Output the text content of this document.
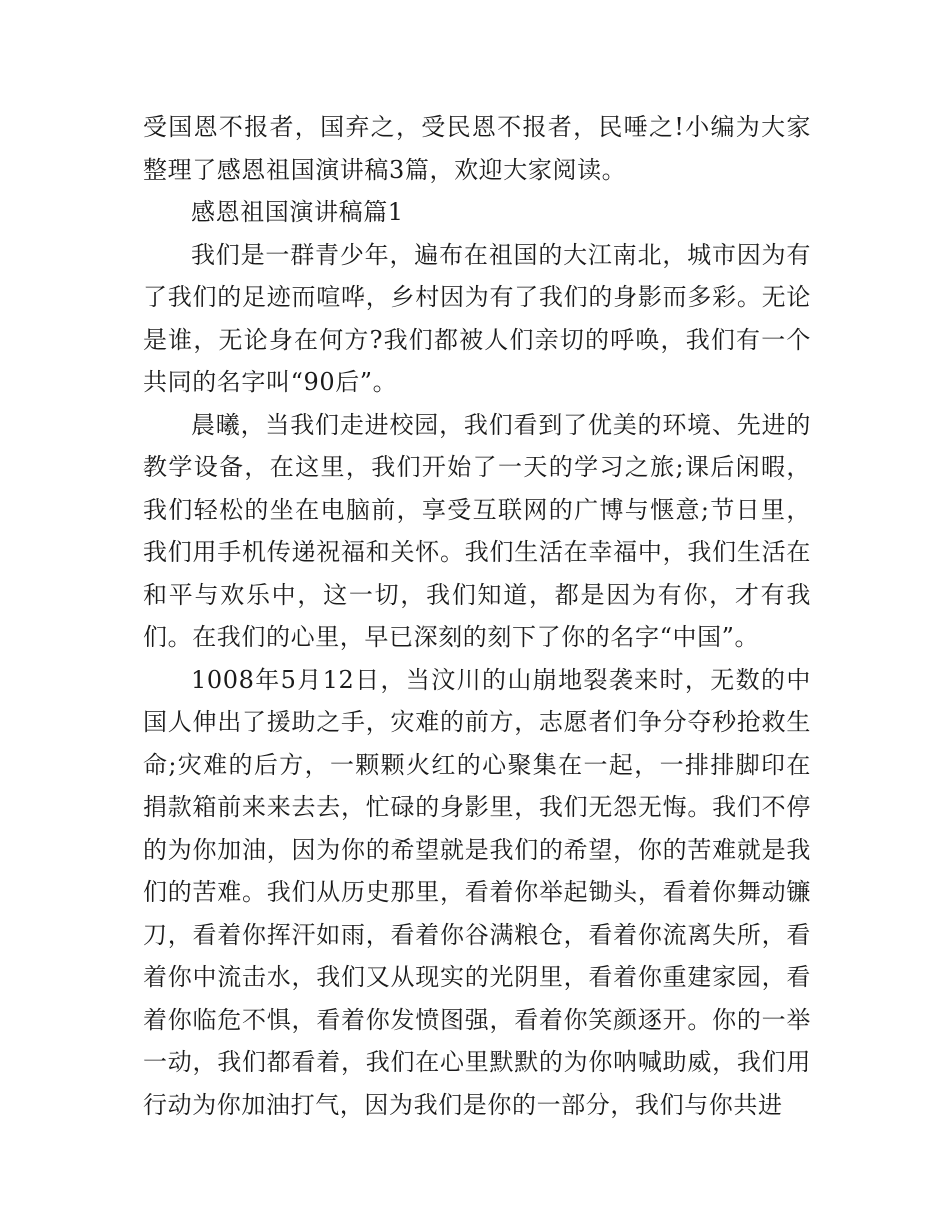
受国恩不报者，国弃之，受民恩不报者，民唾之!小编为大家整理了感恩祖国演讲稿3篇，欢迎大家阅读。

感恩祖国演讲稿篇1

我们是一群青少年，遍布在祖国的大江南北，城市因为有了我们的足迹而喧哗，乡村因为有了我们的身影而多彩。无论是谁，无论身在何方?我们都被人们亲切的呼唤，我们有一个共同的名字叫“90后”。

晨曦，当我们走进校园，我们看到了优美的环境、先进的教学设备，在这里，我们开始了一天的学习之旅;课后闲暇，我们轻松的坐在电脑前，享受互联网的广博与惬意;节日里，我们用手机传递祝福和关怀。我们生活在幸福中，我们生活在和平与欢乐中，这一切，我们知道，都是因为有你，才有我们。在我们的心里，早已深刻的刻下了你的名字“中国”。

1008年5月12日，当汶川的山崩地裂袭来时，无数的中国人伸出了援助之手，灾难的前方，志愿者们争分夺秒抢救生命;灾难的后方，一颗颗火红的心聚集在一起，一排排脚印在捐款箱前来来去去，忙碌的身影里，我们无怨无悔。我们不停的为你加油，因为你的希望就是我们的希望，你的苦难就是我们的苦难。我们从历史那里，看着你举起锄头，看着你舞动镰刀，看着你挥汗如雨，看着你谷满粮仓，看着你流离失所，看着你中流击水，我们又从现实的光阴里，看着你重建家园，看着你临危不惧，看着你发愤图强，看着你笑颜逐开。你的一举一动，我们都看着，我们在心里默默的为你呐喊助威，我们用行动为你加油打气，因为我们是你的一部分，我们与你共进
